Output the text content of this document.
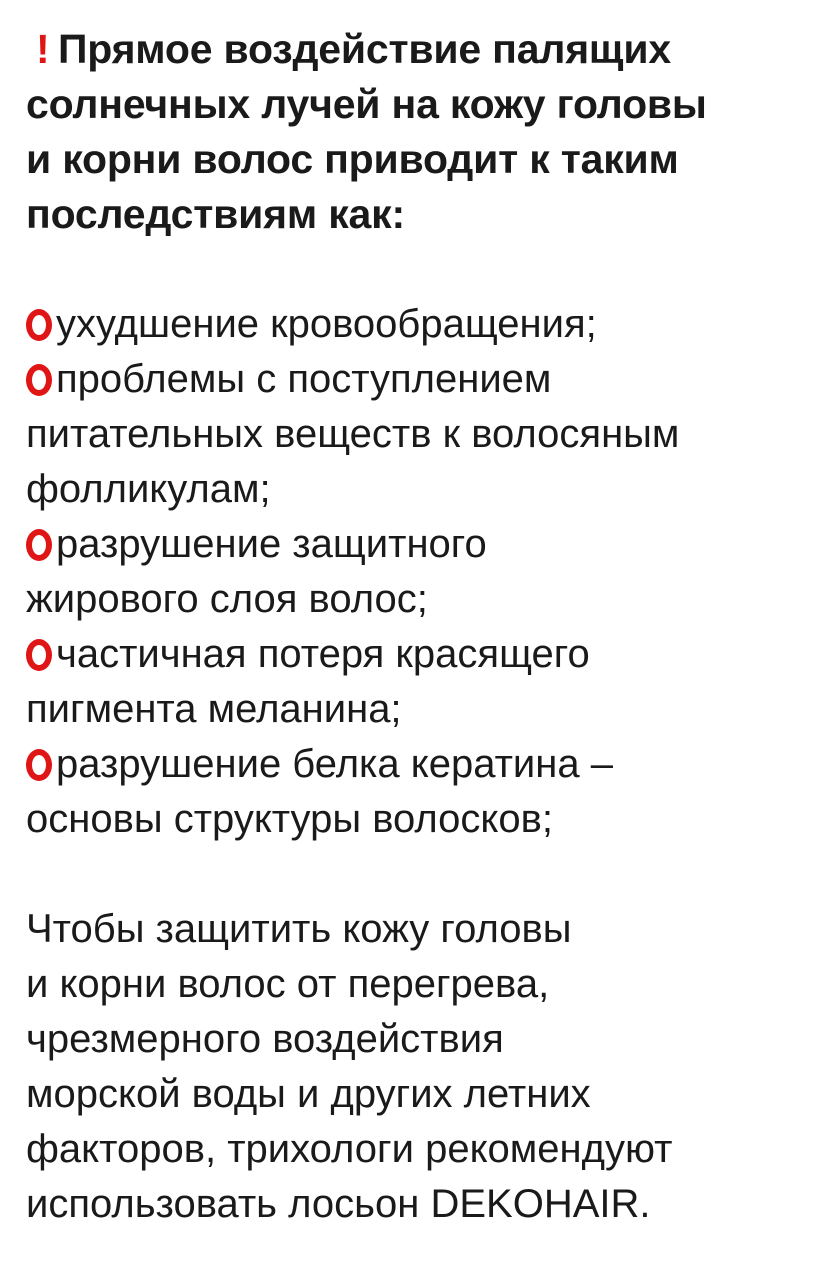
! Прямое воздействие палящих
солнечных лучей на кожу головы
и корни волос приводит к таким
последствиям как:
ухудшение кровообращения;
проблемы с поступлением
питательных веществ к волосяным
фолликулам;
разрушение защитного
жирового слоя волос;
частичная потеря красящего
пигмента меланина;
разрушение белка кератина –
основы структуры волосков;

Чтобы защитить кожу головы
и корни волос от перегрева,
чрезмерного воздействия
морской воды и других летних
факторов, трихологи рекомендуют
использовать лосьон DEKOHAIR.
